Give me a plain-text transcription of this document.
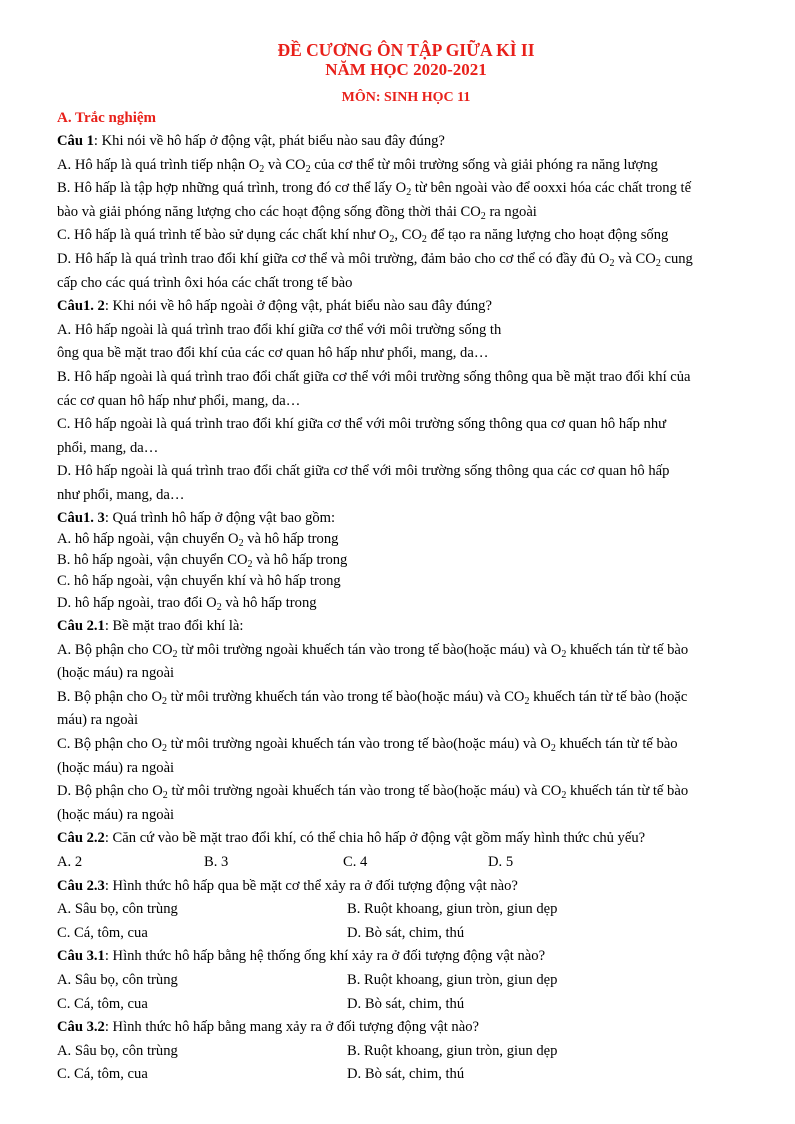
ĐỀ CƯƠNG ÔN TẬP GIỮA KÌ II
NĂM HỌC 2020-2021
MÔN: SINH HỌC 11
A. Trắc nghiệm
Câu 1: Khi nói về hô hấp ở động vật, phát biểu nào sau đây đúng?
A. Hô hấp là quá trình tiếp nhận $O_2$ và $CO_2$ của cơ thể từ môi trường sống và giải phóng ra năng lượng
B. Hô hấp là tập hợp những quá trình, trong đó cơ thể lấy $O_2$ từ bên ngoài vào để ooxxi hóa các chất trong tế
bào và giải phóng năng lượng cho các hoạt động sống đồng thời thải $CO_2$ ra ngoài
C. Hô hấp là quá trình tế bào sử dụng các chất khí như $O_2$, $CO_2$ để tạo ra năng lượng cho hoạt động sống
D. Hô hấp là quá trình trao đổi khí giữa cơ thể và môi trường, đảm bảo cho cơ thể có đầy đủ $O_2$ và $CO_2$ cung
cấp cho các quá trình ôxi hóa các chất trong tế bào
Câu1. 2: Khi nói về hô hấp ngoài ở động vật, phát biểu nào sau đây đúng?
A. Hô hấp ngoài là quá trình trao đổi khí giữa cơ thể với môi trường sống th
ông qua bề mặt trao đổi khí của các cơ quan hô hấp như phổi, mang, da…
B. Hô hấp ngoài là quá trình trao đổi chất giữa cơ thể với môi trường sống thông qua bề mặt trao đổi khí của
các cơ quan hô hấp như phổi, mang, da…
C. Hô hấp ngoài là quá trình trao đổi khí giữa cơ thể với môi trường sống thông qua cơ quan hô hấp như
phổi, mang, da…
D. Hô hấp ngoài là quá trình trao đổi chất giữa cơ thể với môi trường sống thông qua các cơ quan hô hấp
như phổi, mang, da…
Câu1. 3: Quá trình hô hấp ở động vật bao gồm:
A. hô hấp ngoài, vận chuyển $O_2$ và hô hấp trong
B. hô hấp ngoài, vận chuyển $CO_2$ và hô hấp trong
C. hô hấp ngoài, vận chuyển khí và hô hấp trong
D. hô hấp ngoài, trao đổi $O_2$ và hô hấp trong
Câu 2.1: Bề mặt trao đổi khí là:
A. Bộ phận cho $CO_2$ từ môi trường ngoài khuếch tán vào trong tế bào(hoặc máu) và $O_2$ khuếch tán từ tế bào
(hoặc máu) ra ngoài
B. Bộ phận cho $O_2$ từ môi trường khuếch tán vào trong tế bào(hoặc máu) và $CO_2$ khuếch tán từ tế bào (hoặc
máu) ra ngoài
C. Bộ phận cho $O_2$ từ môi trường ngoài khuếch tán vào trong tế bào(hoặc máu) và $O_2$ khuếch tán từ tế bào
(hoặc máu) ra ngoài
D. Bộ phận cho $O_2$ từ môi trường ngoài khuếch tán vào trong tế bào(hoặc máu) và $CO_2$ khuếch tán từ tế bào
(hoặc máu) ra ngoài
Câu 2.2: Căn cứ vào bề mặt trao đổi khí, có thể chia hô hấp ở động vật gồm mấy hình thức chủ yếu?
A. 2	B. 3	C. 4	D. 5
Câu 2.3: Hình thức hô hấp qua bề mặt cơ thể xảy ra ở đối tượng động vật nào?
A. Sâu bọ, côn trùng	B. Ruột khoang, giun tròn, giun dẹp
C. Cá, tôm, cua	D. Bò sát, chim, thú
Câu 3.1: Hình thức hô hấp bằng hệ thống ống khí xảy ra ở đối tượng động vật nào?
A. Sâu bọ, côn trùng	B. Ruột khoang, giun tròn, giun dẹp
C. Cá, tôm, cua	D. Bò sát, chim, thú
Câu 3.2: Hình thức hô hấp bằng mang xảy ra ở đối tượng động vật nào?
A. Sâu bọ, côn trùng	B. Ruột khoang, giun tròn, giun dẹp
C. Cá, tôm, cua	D. Bò sát, chim, thú
